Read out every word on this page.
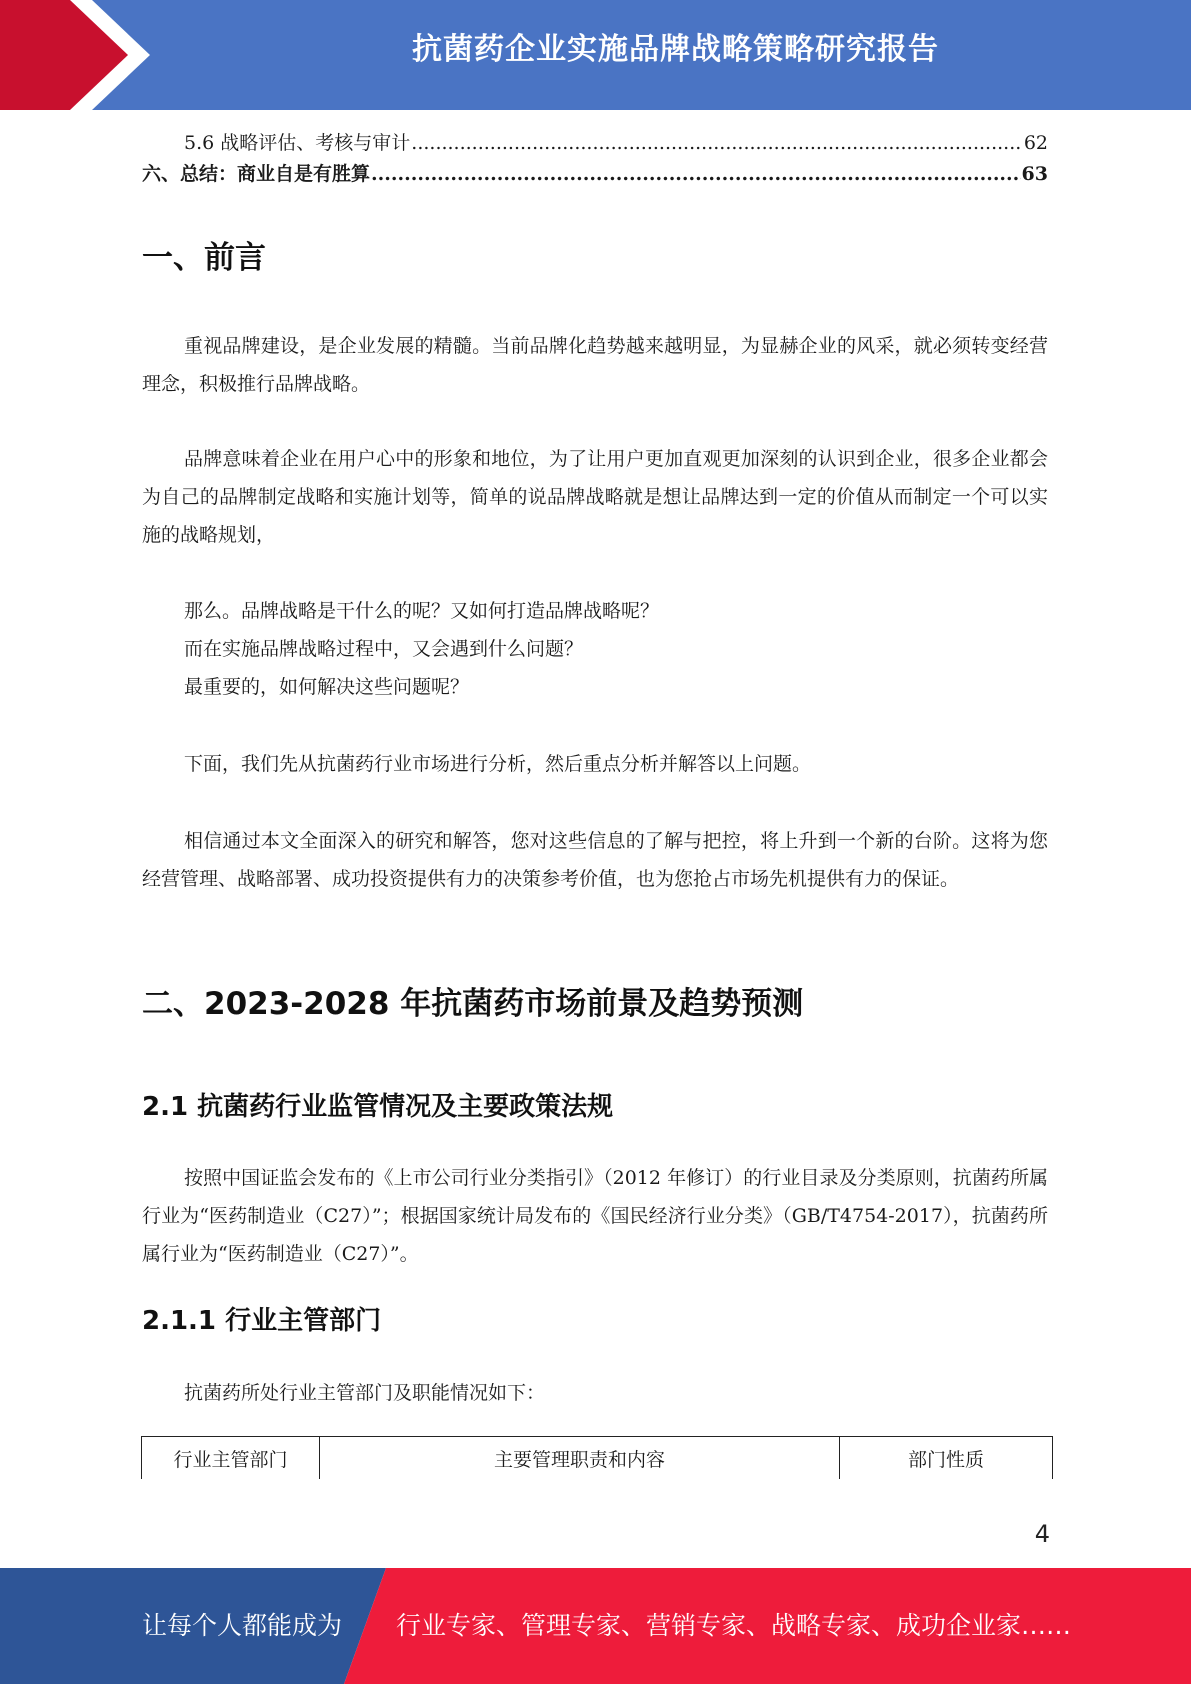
抗菌药企业实施品牌战略策略研究报告
5.6 战略评估、考核与审计 .....	62
六、总结：商业自是有胜算 .....	63
一、前言
重视品牌建设，是企业发展的精髓。当前品牌化趋势越来越明显，为显赫企业的风采，就必须转变经营理念，积极推行品牌战略。
品牌意味着企业在用户心中的形象和地位，为了让用户更加直观更加深刻的认识到企业，很多企业都会为自己的品牌制定战略和实施计划等，简单的说品牌战略就是想让品牌达到一定的价值从而制定一个可以实施的战略规划，
那么。品牌战略是干什么的呢？又如何打造品牌战略呢？
而在实施品牌战略过程中，又会遇到什么问题？
最重要的，如何解决这些问题呢？
下面，我们先从抗菌药行业市场进行分析，然后重点分析并解答以上问题。
相信通过本文全面深入的研究和解答，您对这些信息的了解与把控，将上升到一个新的台阶。这将为您经营管理、战略部署、成功投资提供有力的决策参考价值，也为您抢占市场先机提供有力的保证。
二、2023-2028 年抗菌药市场前景及趋势预测
2.1 抗菌药行业监管情况及主要政策法规
按照中国证监会发布的《上市公司行业分类指引》（2012 年修订）的行业目录及分类原则，抗菌药所属行业为“医药制造业（C27）”；根据国家统计局发布的《国民经济行业分类》（GB/T4754-2017），抗菌药所属行业为“医药制造业（C27）”。
2.1.1 行业主管部门
抗菌药所处行业主管部门及职能情况如下：
行业主管部门	主要管理职责和内容	部门性质
4
让每个人都能成为 行业专家、管理专家、营销专家、战略专家、成功企业家……
